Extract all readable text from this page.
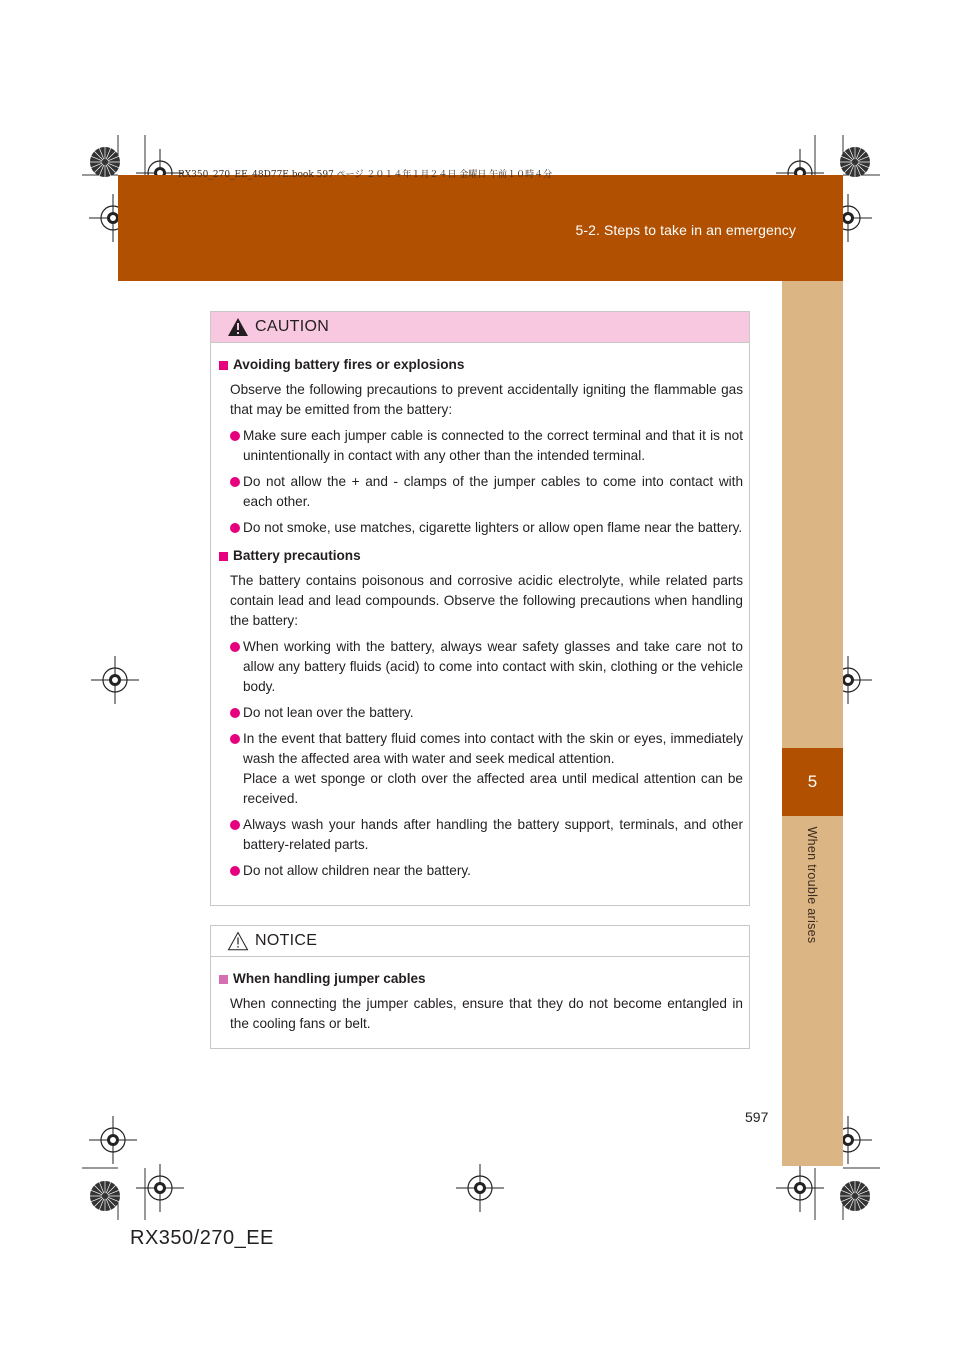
RX350_270_EE_48D77E.book 597 ページ ２０１４年１月２４日 金曜日 午前１０時４分
5-2. Steps to take in an emergency
5
When trouble arises
CAUTION
Avoiding battery fires or explosions
Observe the following precautions to prevent accidentally igniting the flammable gas that may be emitted from the battery:
Make sure each jumper cable is connected to the correct terminal and that it is not unintentionally in contact with any other than the intended terminal.
Do not allow the + and - clamps of the jumper cables to come into contact with each other.
Do not smoke, use matches, cigarette lighters or allow open flame near the battery.
Battery precautions
The battery contains poisonous and corrosive acidic electrolyte, while related parts contain lead and lead compounds. Observe the following precautions when handling the battery:
When working with the battery, always wear safety glasses and take care not to allow any battery fluids (acid) to come into contact with skin, clothing or the vehicle body.
Do not lean over the battery.
In the event that battery fluid comes into contact with the skin or eyes, immediately wash the affected area with water and seek medical attention.
Place a wet sponge or cloth over the affected area until medical attention can be received.
Always wash your hands after handling the battery support, terminals, and other battery-related parts.
Do not allow children near the battery.
NOTICE
When handling jumper cables
When connecting the jumper cables, ensure that they do not become entangled in the cooling fans or belt.
597
RX350/270_EE
